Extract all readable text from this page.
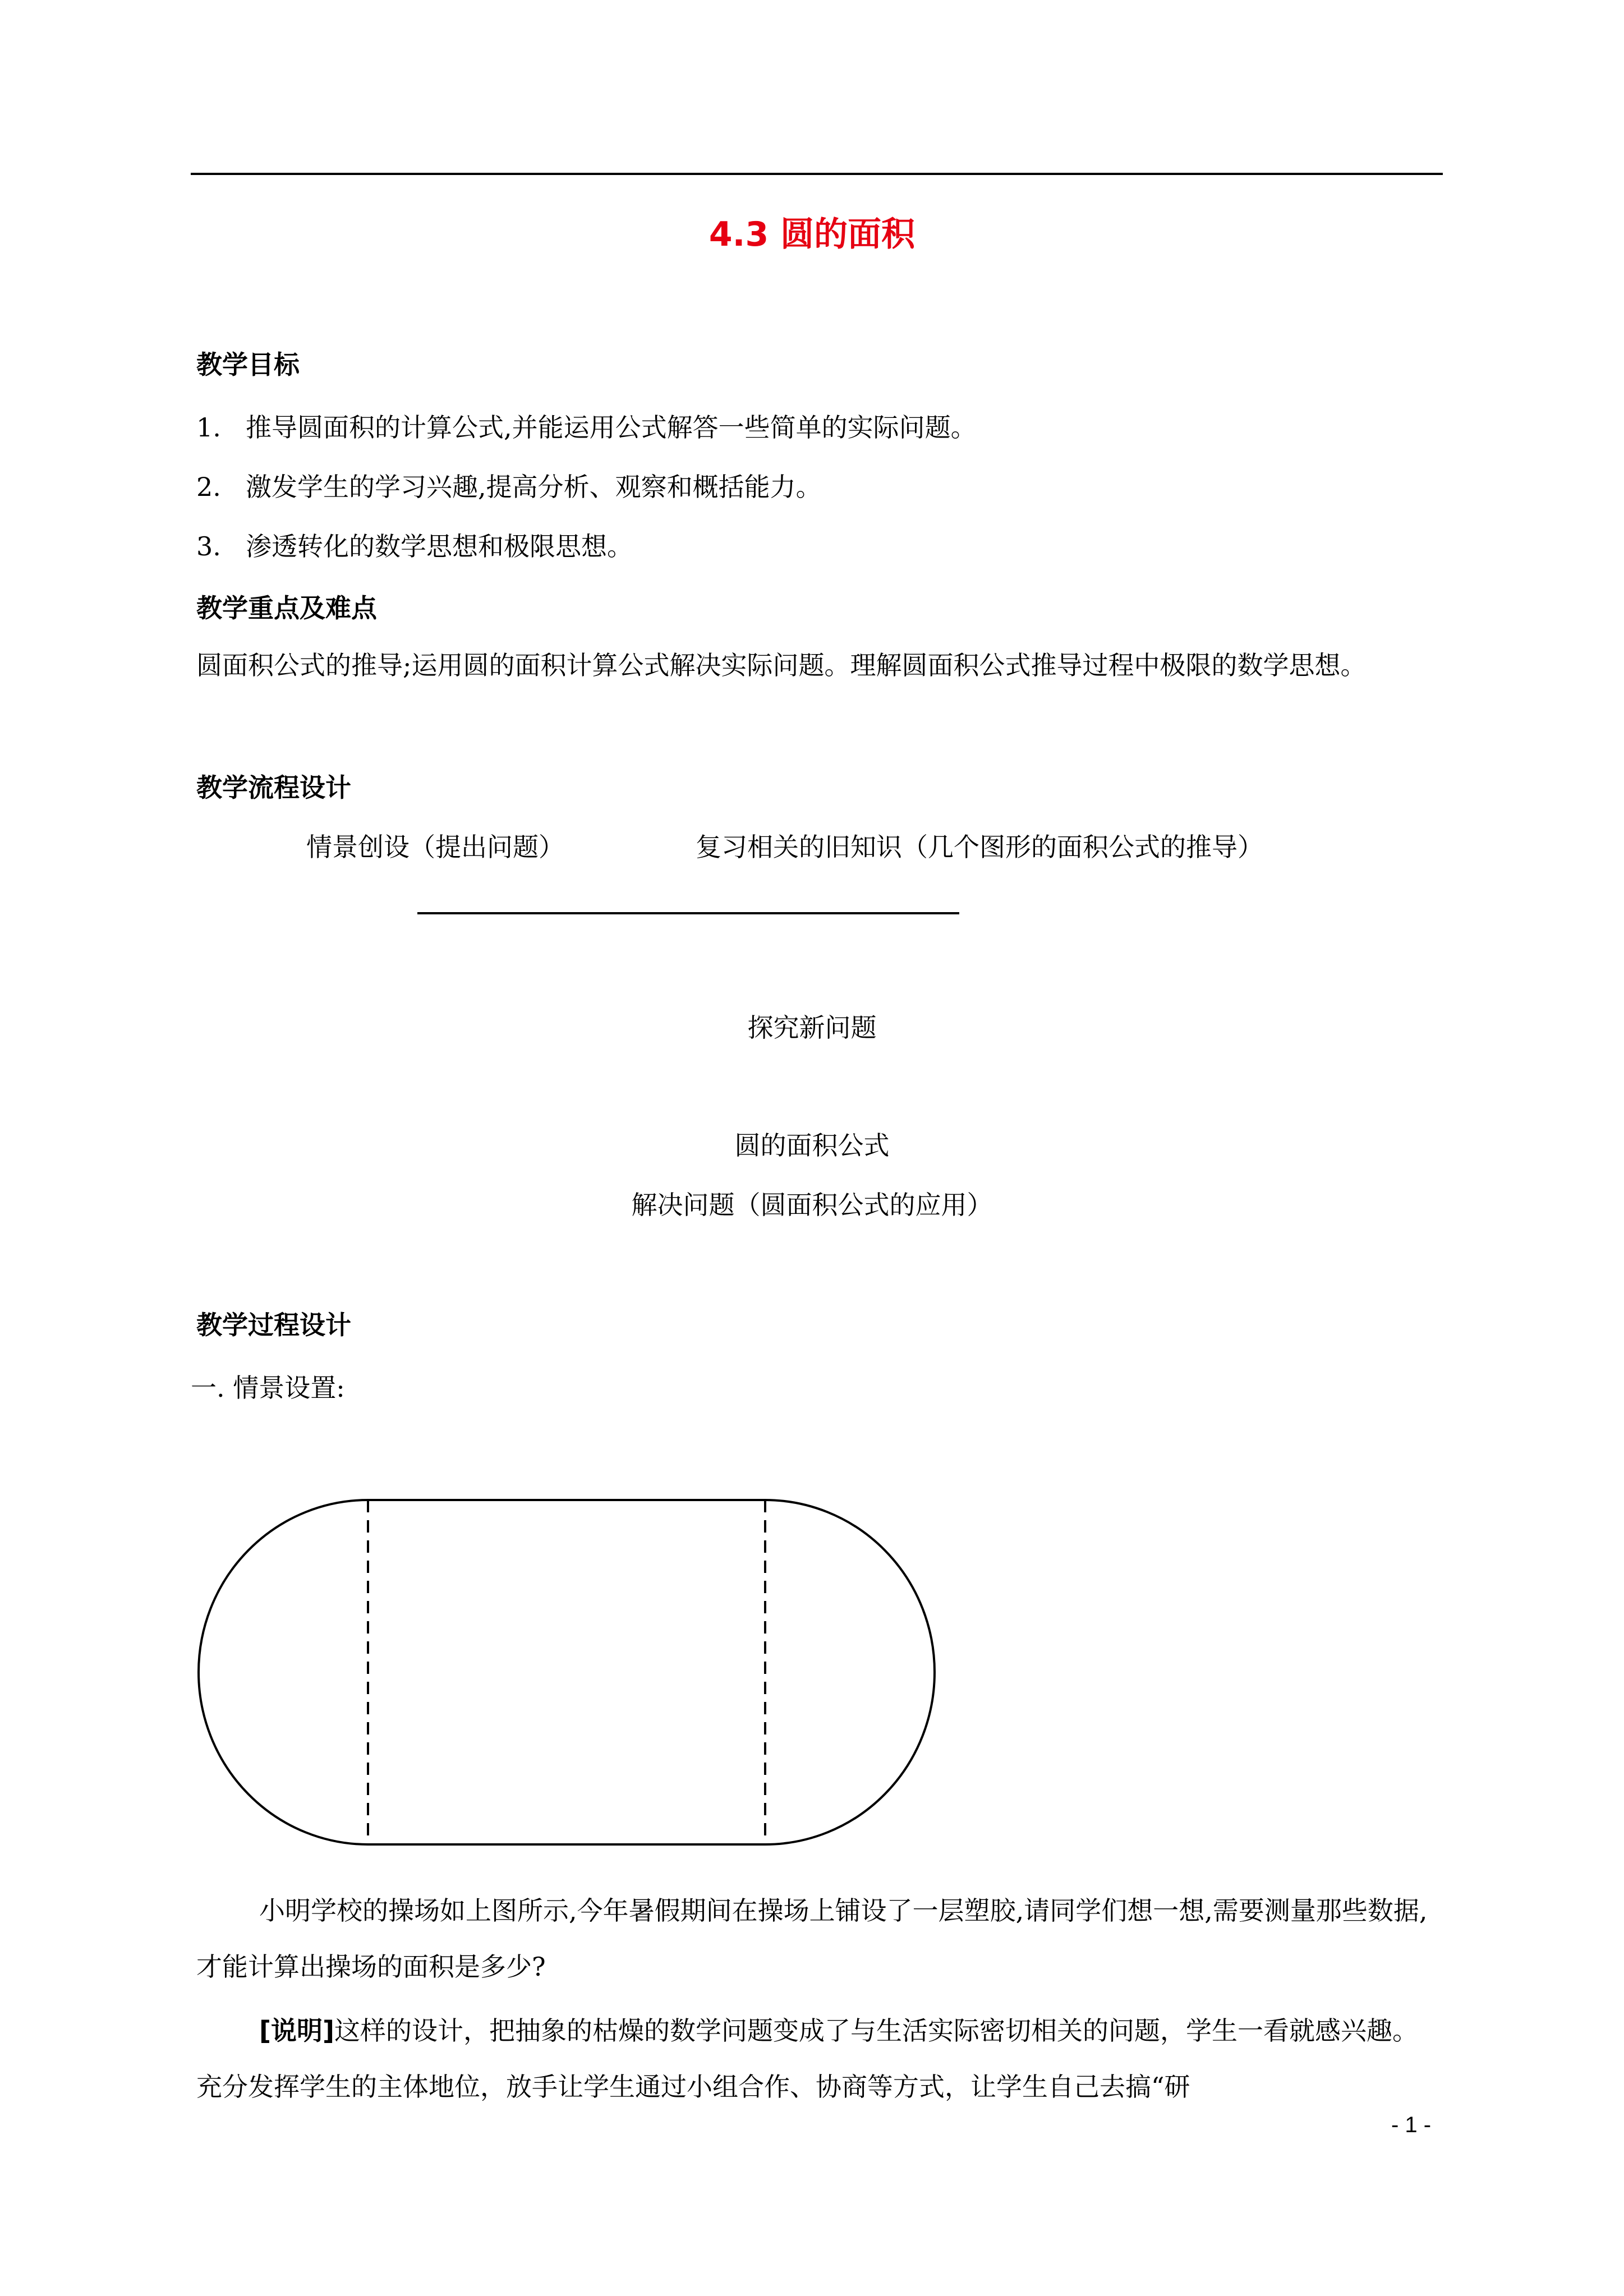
4.3 圆的面积
教学目标
1. 推导圆面积的计算公式,并能运用公式解答一些简单的实际问题。
2. 激发学生的学习兴趣,提高分析、观察和概括能力。
3. 渗透转化的数学思想和极限思想。
教学重点及难点
圆面积公式的推导;运用圆的面积计算公式解决实际问题。理解圆面积公式推导过程中极限的数学思想。
教学流程设计
情景创设（提出问题）	复习相关的旧知识（几个图形的面积公式的推导）
探究新问题
圆的面积公式
解决问题（圆面积公式的应用）
教学过程设计
一. 情景设置:
小明学校的操场如上图所示,今年暑假期间在操场上铺设了一层塑胶,请同学们想一想,需要测量那些数据,才能计算出操场的面积是多少?
[说明]这样的设计，把抽象的枯燥的数学问题变成了与生活实际密切相关的问题，学生一看就感兴趣。充分发挥学生的主体地位，放手让学生通过小组合作、协商等方式，让学生自己去搞“研
- 1 -
